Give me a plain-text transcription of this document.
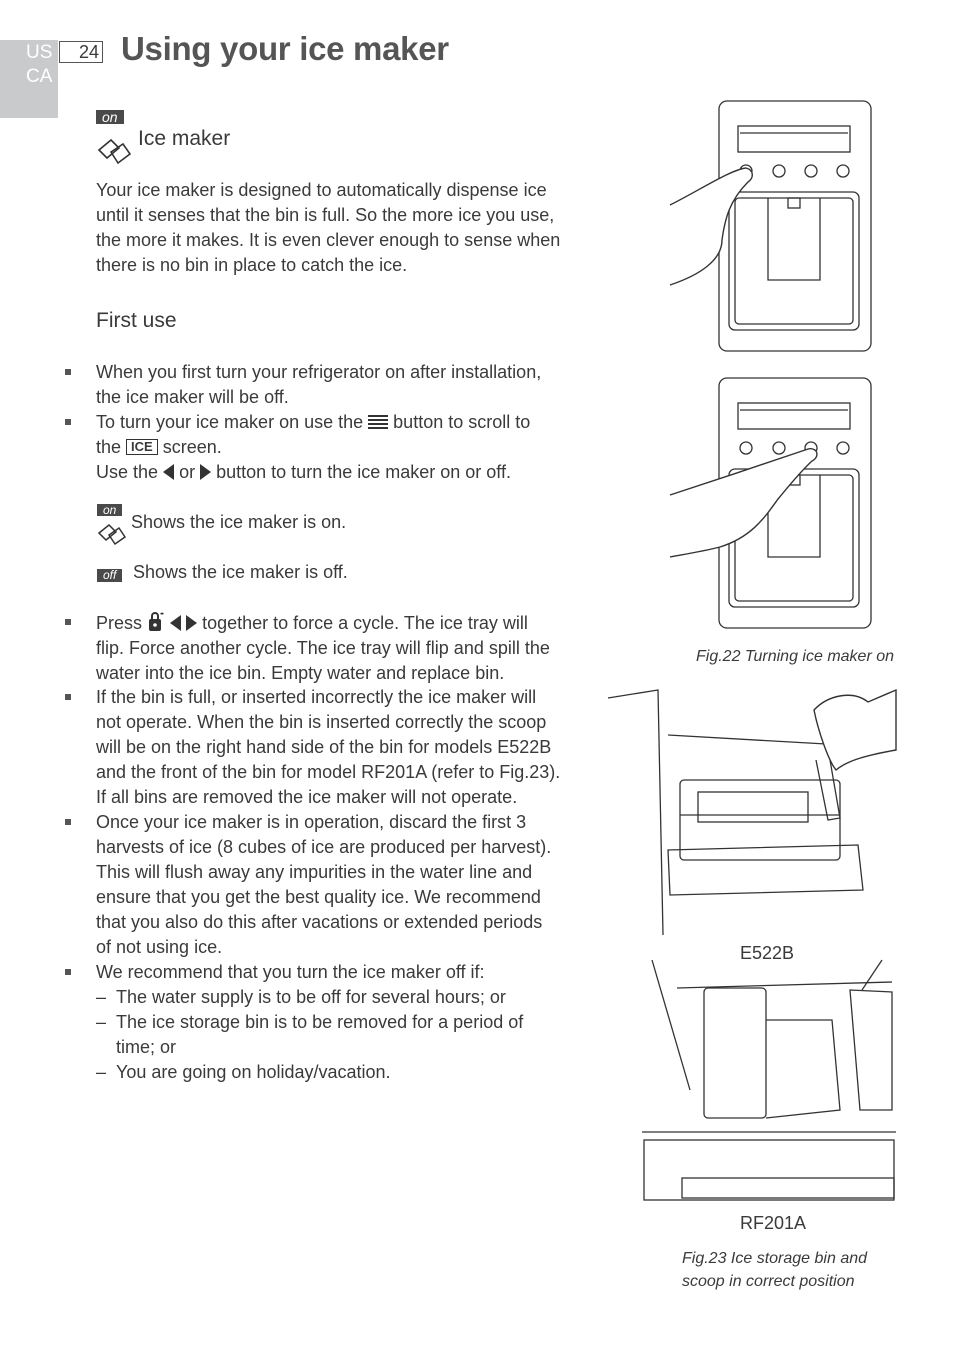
US
CA
24 Using your ice maker
on
Ice maker
Your ice maker is designed to automatically dispense ice
until it senses that the bin is full. So the more ice you use,
the more it makes. It is even clever enough to sense when
there is no bin in place to catch the ice.
First use
When you first turn your refrigerator on after installation,
the ice maker will be off.
To turn your ice maker on use the button to scroll to
the ICE screen.
Use the or button to turn the ice maker on or off.
on
Shows the ice maker is on.
off Shows the ice maker is off.
Press	together to force a cycle. The ice tray will
flip. Force another cycle. The ice tray will flip and spill the
water into the ice bin. Empty water and replace bin.
If the bin is full, or inserted incorrectly the ice maker will
not operate. When the bin is inserted correctly the scoop
will be on the right hand side of the bin for models E522B
and the front of the bin for model RF201A (refer to Fig.23).
If all bins are removed the ice maker will not operate.
Once your ice maker is in operation, discard the first 3
harvests of ice (8 cubes of ice are produced per harvest).
This will flush away any impurities in the water line and
ensure that you get the best quality ice. We recommend
that you also do this after vacations or extended periods
of not using ice.
We recommend that you turn the ice maker off if:
– The water supply is to be off for several hours; or
– The ice storage bin is to be removed for a period of
time; or
– You are going on holiday/vacation.
Fig.22 Turning ice maker on
E522B
RF201A
Fig.23 Ice storage bin and
scoop in correct position
